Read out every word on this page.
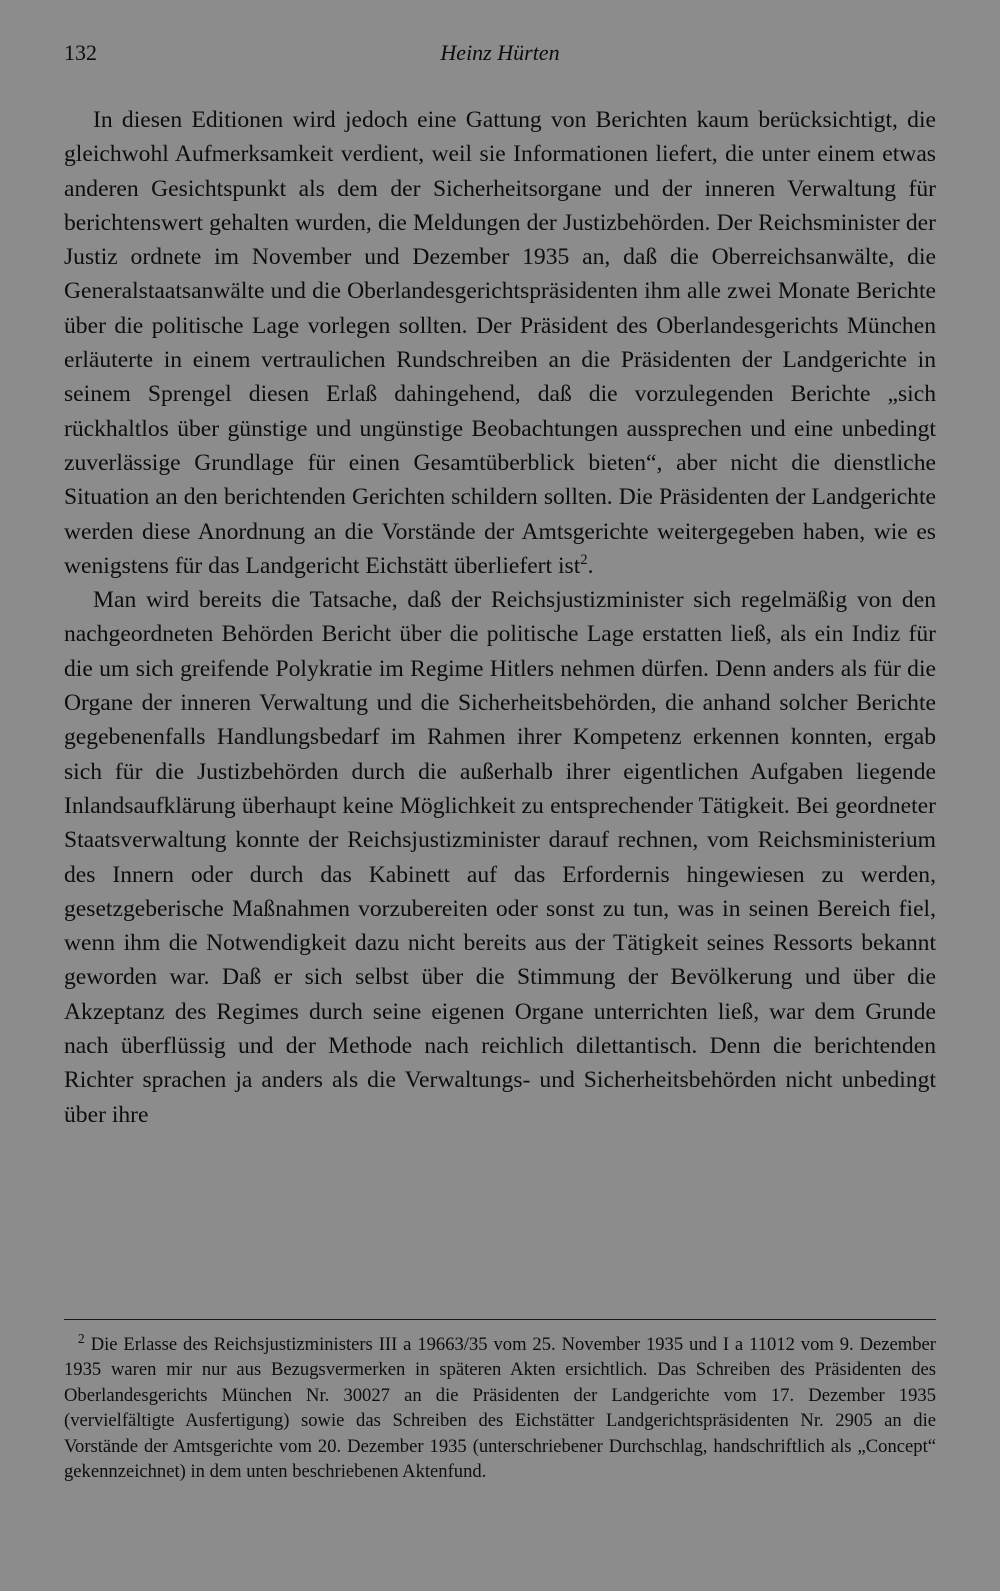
132	Heinz Hürten

In diesen Editionen wird jedoch eine Gattung von Berichten kaum berücksichtigt, die gleichwohl Aufmerksamkeit verdient, weil sie Informationen liefert, die unter einem etwas anderen Gesichtspunkt als dem der Sicherheitsorgane und der inneren Verwaltung für berichtenswert gehalten wurden, die Meldungen der Justizbehörden. Der Reichsminister der Justiz ordnete im November und Dezember 1935 an, daß die Oberreichsanwälte, die Generalstaatsanwälte und die Oberlandesgerichtspräsidenten ihm alle zwei Monate Berichte über die politische Lage vorlegen sollten. Der Präsident des Oberlandesgerichts München erläuterte in einem vertraulichen Rundschreiben an die Präsidenten der Landgerichte in seinem Sprengel diesen Erlaß dahingehend, daß die vorzulegenden Berichte „sich rückhaltlos über günstige und ungünstige Beobachtungen aussprechen und eine unbedingt zuverlässige Grundlage für einen Gesamtüberblick bieten“, aber nicht die dienstliche Situation an den berichtenden Gerichten schildern sollten. Die Präsidenten der Landgerichte werden diese Anordnung an die Vorstände der Amtsgerichte weitergegeben haben, wie es wenigstens für das Landgericht Eichstätt überliefert ist$^2$.

Man wird bereits die Tatsache, daß der Reichsjustizminister sich regelmäßig von den nachgeordneten Behörden Bericht über die politische Lage erstatten ließ, als ein Indiz für die um sich greifende Polykratie im Regime Hitlers nehmen dürfen. Denn anders als für die Organe der inneren Verwaltung und die Sicherheitsbehörden, die anhand solcher Berichte gegebenenfalls Handlungsbedarf im Rahmen ihrer Kompetenz erkennen konnten, ergab sich für die Justizbehörden durch die außerhalb ihrer eigentlichen Aufgaben liegende Inlandsaufklärung überhaupt keine Möglichkeit zu entsprechender Tätigkeit. Bei geordneter Staatsverwaltung konnte der Reichsjustizminister darauf rechnen, vom Reichsministerium des Innern oder durch das Kabinett auf das Erfordernis hingewiesen zu werden, gesetzgeberische Maßnahmen vorzubereiten oder sonst zu tun, was in seinen Bereich fiel, wenn ihm die Notwendigkeit dazu nicht bereits aus der Tätigkeit seines Ressorts bekannt geworden war. Daß er sich selbst über die Stimmung der Bevölkerung und über die Akzeptanz des Regimes durch seine eigenen Organe unterrichten ließ, war dem Grunde nach überflüssig und der Methode nach reichlich dilettantisch. Denn die berichtenden Richter sprachen ja anders als die Verwaltungs- und Sicherheitsbehörden nicht unbedingt über ihre

$^2$ Die Erlasse des Reichsjustizministers III a 19663/35 vom 25. November 1935 und I a 11012 vom 9. Dezember 1935 waren mir nur aus Bezugsvermerken in späteren Akten ersichtlich. Das Schreiben des Präsidenten des Oberlandesgerichts München Nr. 30027 an die Präsidenten der Landgerichte vom 17. Dezember 1935 (vervielfältigte Ausfertigung) sowie das Schreiben des Eichstätter Landgerichtspräsidenten Nr. 2905 an die Vorstände der Amtsgerichte vom 20. Dezember 1935 (unterschriebener Durchschlag, handschriftlich als „Concept“ gekennzeichnet) in dem unten beschriebenen Aktenfund.
